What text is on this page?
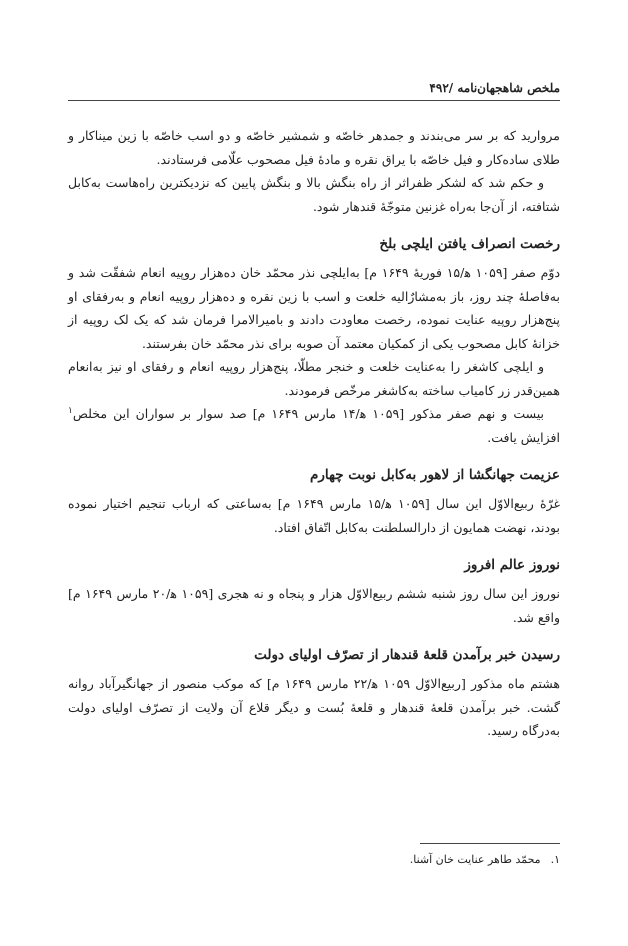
ملخص شاهجهان‌نامه /۴۹۲

مروارید که بر سر می‌بندند و جمدهر خاصّه و شمشیر خاصّه و دو اسب خاصّه با زین میناکار و طلای ساده‌کار و فیل خاصّه با یراق نقره و مادهٔ فیل مصحوب علّامی فرستادند.

و حکم شد که لشکر ظفراثر از راه بنگش بالا و بنگش پایین که نزدیکترین راه‌هاست به‌کابل شتافته، از آن‌جا به‌راه غزنین متوجّهٔ قندهار شود.

رخصت انصراف یافتن ایلچی بلخ

دوّم صفر [۱۰۵۹ ه‍/۱۵ فوریهٔ ۱۶۴۹ م] به‌ایلچی نذر محمّد خان ده‌هزار روپیه انعام شفقّت شد و به‌فاصلهٔ چند روز، باز به‌مشارٌالیه خلعت و اسب با زین نقره و ده‌هزار روپیه انعام و به‌رفقای او پنج‌هزار روپیه عنایت نموده، رخصت معاودت دادند و بامیرالامرا فرمان شد که یک لک روپیه از خزانهٔ کابل مصحوب یکی از کمکیان معتمد آن صوبه برای نذر محمّد خان بفرستند.

و ایلچی کاشغر را به‌عنایت خلعت و خنجر مطلّا، پنج‌هزار روپیه انعام و رفقای او نیز به‌انعام همین‌قدر زر کامیاب ساخته به‌کاشغر مرخّص فرمودند.

بیست و نهم صفر مذکور [۱۰۵۹ ه‍/۱۴ مارس ۱۶۴۹ م] صد سوار بر سواران این مخلص$^۱$ افزایش یافت.

عزیمت جهانگشا از لاهور به‌کابل نوبت چهارم

غرّهٔ ربیع‌الاوّل این سال [۱۰۵۹ ه‍/۱۵ مارس ۱۶۴۹ م] به‌ساعتی که ارباب تنجیم اختیار نموده بودند، نهضت همایون از دارالسلطنت به‌کابل اتّفاق افتاد.

نوروز عالم افروز

نوروز این سال روز شنبه ششم ربیع‌الاوّل هزار و پنجاه و نه هجری [۱۰۵۹ ه‍/۲۰ مارس ۱۶۴۹ م] واقع شد.

رسیدن خبر برآمدن قلعهٔ قندهار از تصرّف اولیای دولت

هشتم ماه مذکور [ربیع‌الاوّل ۱۰۵۹ ه‍/۲۲ مارس ۱۶۴۹ م] که موکب منصور از جهانگیرآباد روانه گشت. خبر برآمدن قلعهٔ قندهار و قلعهٔ بُست و دیگر قلاع آن ولایت از تصرّف اولیای دولت به‌درگاه رسید.

۱.محمّد طاهر عنایت خان آشنا.
